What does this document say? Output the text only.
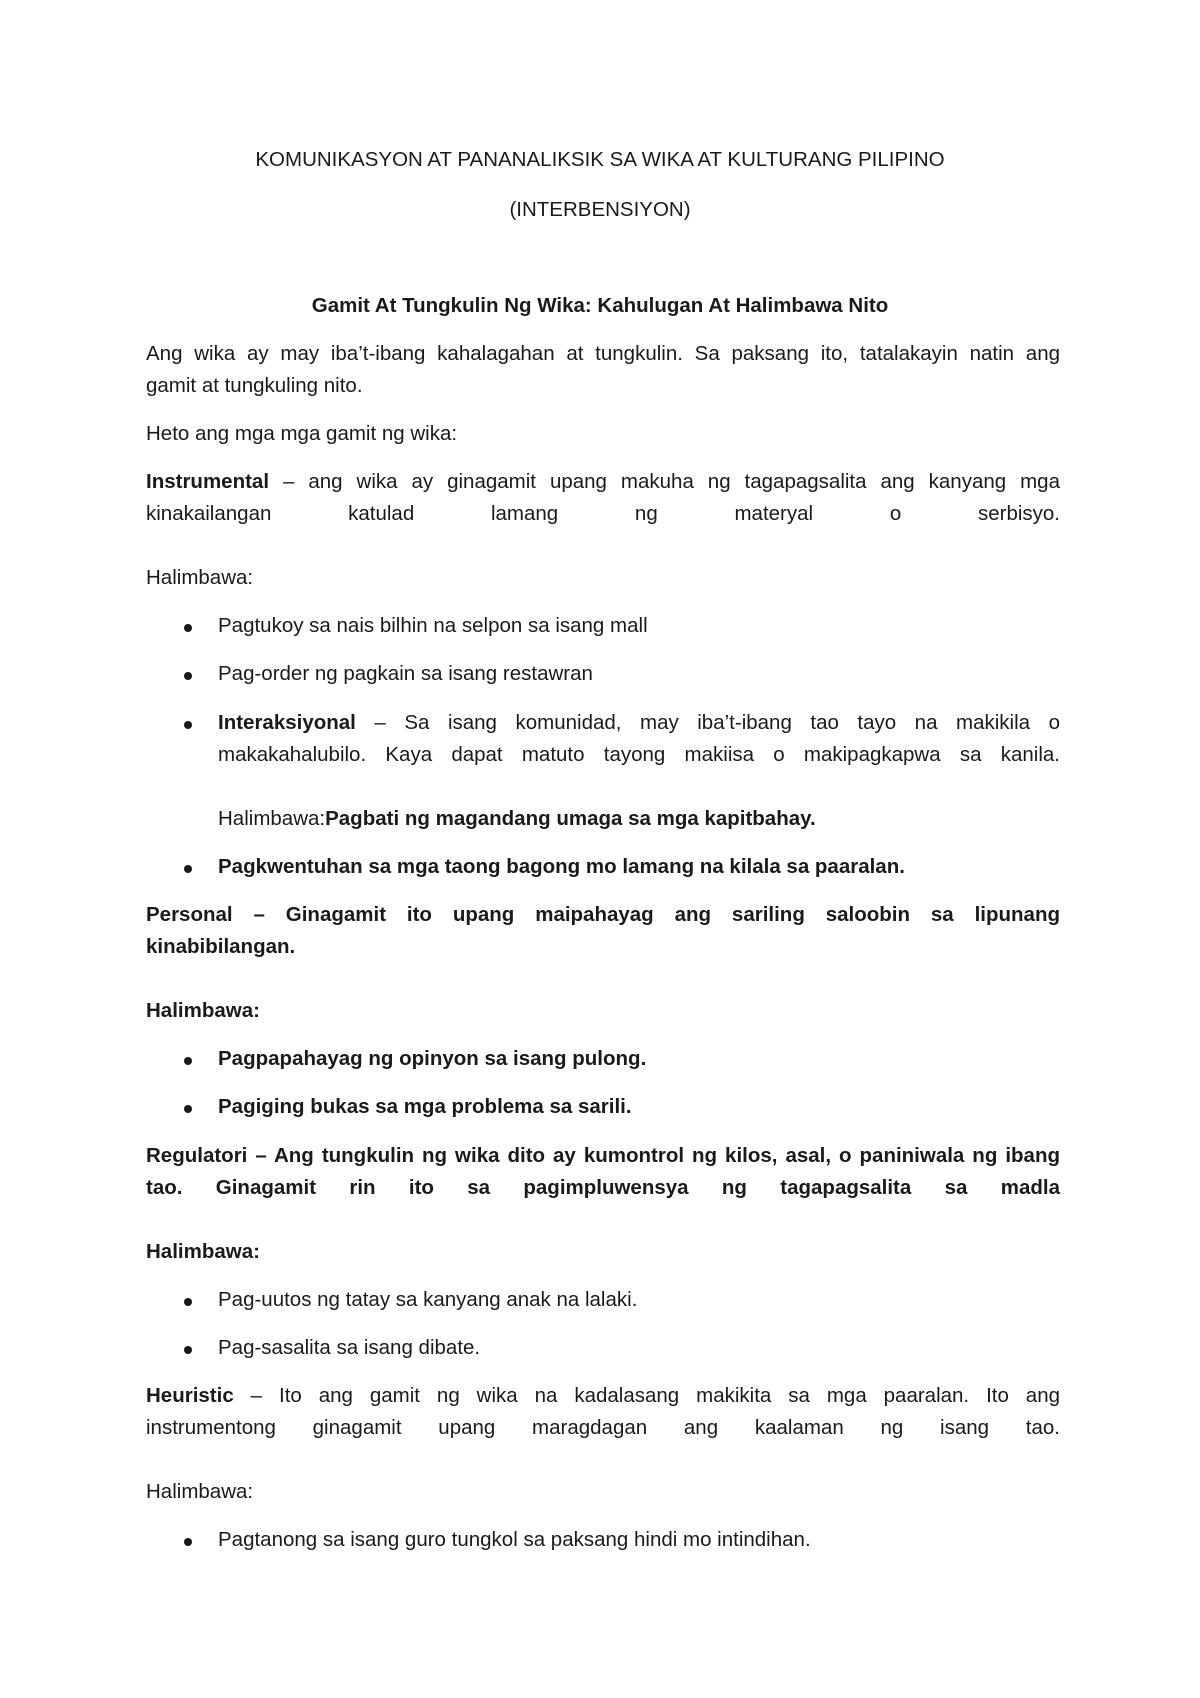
KOMUNIKASYON AT PANANALIKSIK SA WIKA AT KULTURANG PILIPINO
(INTERBENSIYON)
Gamit At Tungkulin Ng Wika: Kahulugan At Halimbawa Nito
Ang wika ay may iba’t-ibang kahalagahan at tungkulin. Sa paksang ito, tatalakayin natin ang
gamit at tungkuling nito.
Heto ang mga mga gamit ng wika:
Instrumental – ang wika ay ginagamit upang makuha ng tagapagsalita ang kanyang mga
kinakailangan katulad lamang ng materyal o serbisyo.
Halimbawa:
Pagtukoy sa nais bilhin na selpon sa isang mall
Pag-order ng pagkain sa isang restawran
Interaksiyonal – Sa isang komunidad, may iba’t-ibang tao tayo na makikila o
makakahalubilo. Kaya dapat matuto tayong makiisa o makipagkapwa sa kanila.
Halimbawa:Pagbati ng magandang umaga sa mga kapitbahay.
Pagkwentuhan sa mga taong bagong mo lamang na kilala sa paaralan.
Personal – Ginagamit ito upang maipahayag ang sariling saloobin sa lipunang
kinabibilangan.
Halimbawa:
Pagpapahayag ng opinyon sa isang pulong.
Pagiging bukas sa mga problema sa sarili.
Regulatori – Ang tungkulin ng wika dito ay kumontrol ng kilos, asal, o paniniwala ng ibang
tao. Ginagamit rin ito sa pagimpluwensya ng tagapagsalita sa madla
Halimbawa:
Pag-uutos ng tatay sa kanyang anak na lalaki.
Pag-sasalita sa isang dibate.
Heuristic – Ito ang gamit ng wika na kadalasang makikita sa mga paaralan. Ito ang
instrumentong ginagamit upang maragdagan ang kaalaman ng isang tao.
Halimbawa:
Pagtanong sa isang guro tungkol sa paksang hindi mo intindihan.
